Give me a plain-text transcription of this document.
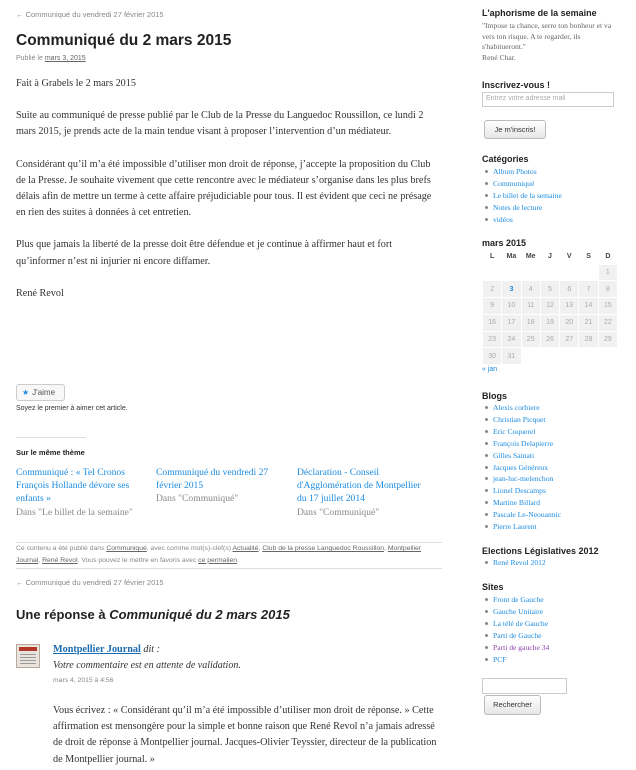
← Communiqué du vendredi 27 février 2015
Communiqué du 2 mars 2015
Publié le mars 3, 2015

Fait à Grabels le 2 mars 2015

Suite au communiqué de presse publié par le Club de la Presse du Languedoc Roussillon, ce lundi 2 mars 2015, je prends acte de la main tendue visant à proposer l’intervention d’un médiateur.

Considérant qu’il m’a été impossible d’utiliser mon droit de réponse, j’accepte la proposition du Club de la Presse. Je souhaite vivement que cette rencontre avec le médiateur s’organise dans les plus brefs délais afin de mettre un terme à cette affaire préjudiciable pour tous. Il est évident que ceci ne présage en rien des suites à données à cet entretien.

Plus que jamais la liberté de la presse doit être défendue et je continue à affirmer haut et fort qu’informer n’est ni injurier ni encore diffamer.

René Revol

★ J'aime
Soyez le premier à aimer cet article.
Sur le même thème
Communiqué : « Tel Cronos François Hollande dévore ses enfants »
Dans "Le billet de la semaine"
Communiqué du vendredi 27 février 2015
Dans "Communiqué"
Déclaration - Conseil d'Agglomération de Montpellier du 17 juillet 2014
Dans "Communiqué"
Ce contenu a été publié dans Communiqué, avec comme mot(s)-clef(s) Actualité, Club de la presse Languedoc Roussillon, Montpellier Journal, René Revol. Vous pouvez le mettre en favoris avec ce permalien.
← Communiqué du vendredi 27 février 2015
Une réponse à Communiqué du 2 mars 2015
Montpellier Journal dit :
Votre commentaire est en attente de validation.
mars 4, 2015 à 4:56
Vous écrivez : « Considérant qu’il m’a été impossible d’utiliser mon droit de réponse. » Cette affirmation est mensongère pour la simple et bonne raison que René Revol n’a jamais adressé de droit de réponse à Montpellier journal. Jacques-Olivier Teyssier, directeur de la publication de Montpellier journal. »
L'aphorisme de la semaine
"Impose ta chance, serre ton bonheur et va vers ton risque. A te regarder, ils s'habitueront."
René Char.
Inscrivez-vous !
Entrez votre adresse mail
Je m'inscris!
Catégories
Album Photos
Communiqué
Le billet de la semaine
Notes de lecture
vidéos
mars 2015
L	Ma	Me	J	V	S	D
						1
2	3	4	5	6	7	8
9	10	11	12	13	14	15
16	17	18	19	20	21	22
23	24	25	26	27	28	29
30	31					
« jan
Blogs
Alexis corbiere
Christian Picquet
Eric Coquerel
François Delapierre
Gilles Sainati
Jacques Généreux
jean-luc-melenchon
Lionel Descamps
Martine Billard
Pascale Le-Neouannic
Pierre Laurent
Elections Législatives 2012
René Revol 2012
Sites
Front de Gauche
Gauche Unitaire
La télé de Gauche
Parti de Gauche
Parti de gauche 34
PCF
Rechercher
